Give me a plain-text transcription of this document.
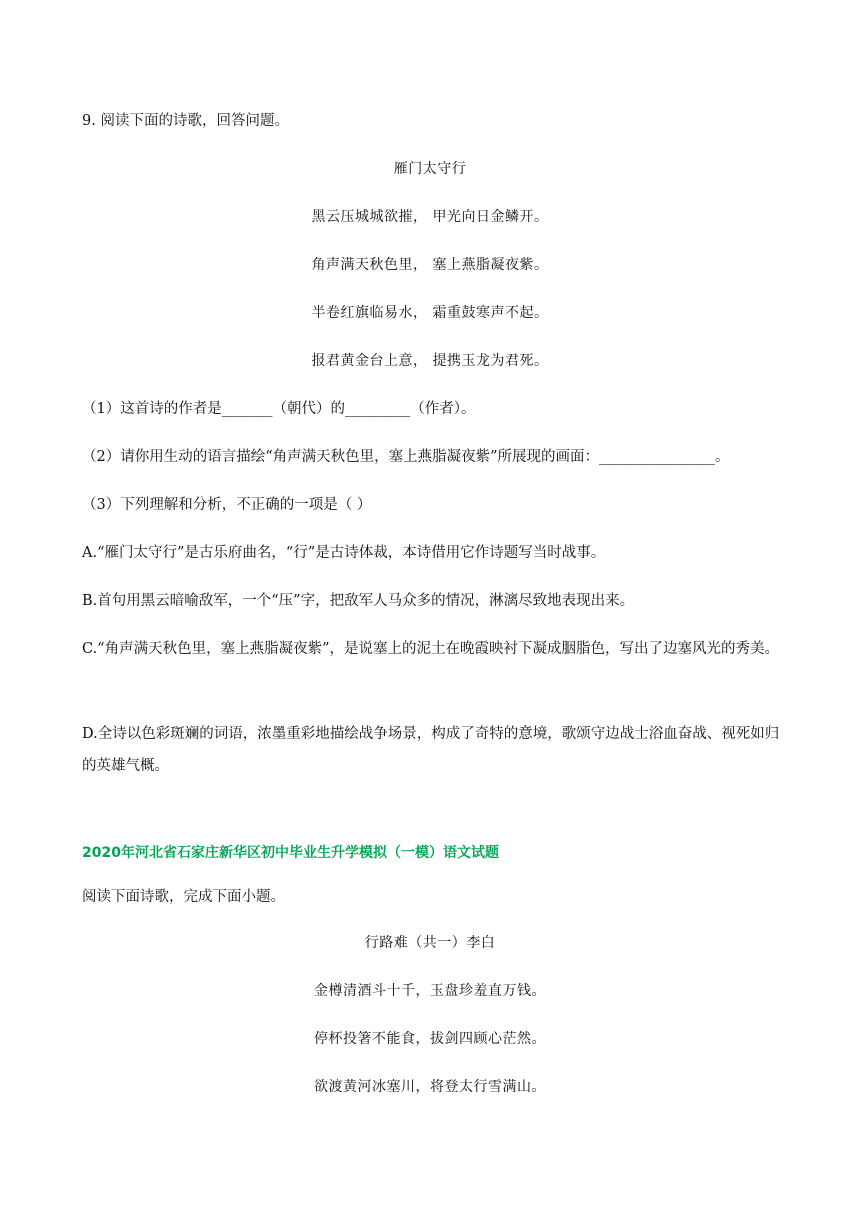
9. 阅读下面的诗歌，回答问题。
雁门太守行
黑云压城城欲摧， 甲光向日金鳞开。
角声满天秋色里， 塞上燕脂凝夜紫。
半卷红旗临易水， 霜重鼓寒声不起。
报君黄金台上意， 提携玉龙为君死。
（1）这首诗的作者是_______（朝代）的_________（作者）。
（2）请你用生动的语言描绘“角声满天秋色里，塞上燕脂凝夜紫”所展现的画面：________________。
（3）下列理解和分析，不正确的一项是（ ）
A.“雁门太守行”是古乐府曲名，“行”是古诗体裁，本诗借用它作诗题写当时战事。
B.首句用黑云暗喻敌军，一个“压”字，把敌军人马众多的情况，淋漓尽致地表现出来。
C.“角声满天秋色里，塞上燕脂凝夜紫”，是说塞上的泥土在晚霞映衬下凝成胭脂色，写出了边塞风光的秀美。
D.全诗以色彩斑斓的词语，浓墨重彩地描绘战争场景，构成了奇特的意境，歌颂守边战士浴血奋战、视死如归的英雄气概。
2020年河北省石家庄新华区初中毕业生升学模拟（一模）语文试题
阅读下面诗歌，完成下面小题。
行路难（共一）李白
金樽清酒斗十千，玉盘珍羞直万钱。
停杯投箸不能食，拔剑四顾心茫然。
欲渡黄河冰塞川，将登太行雪满山。
